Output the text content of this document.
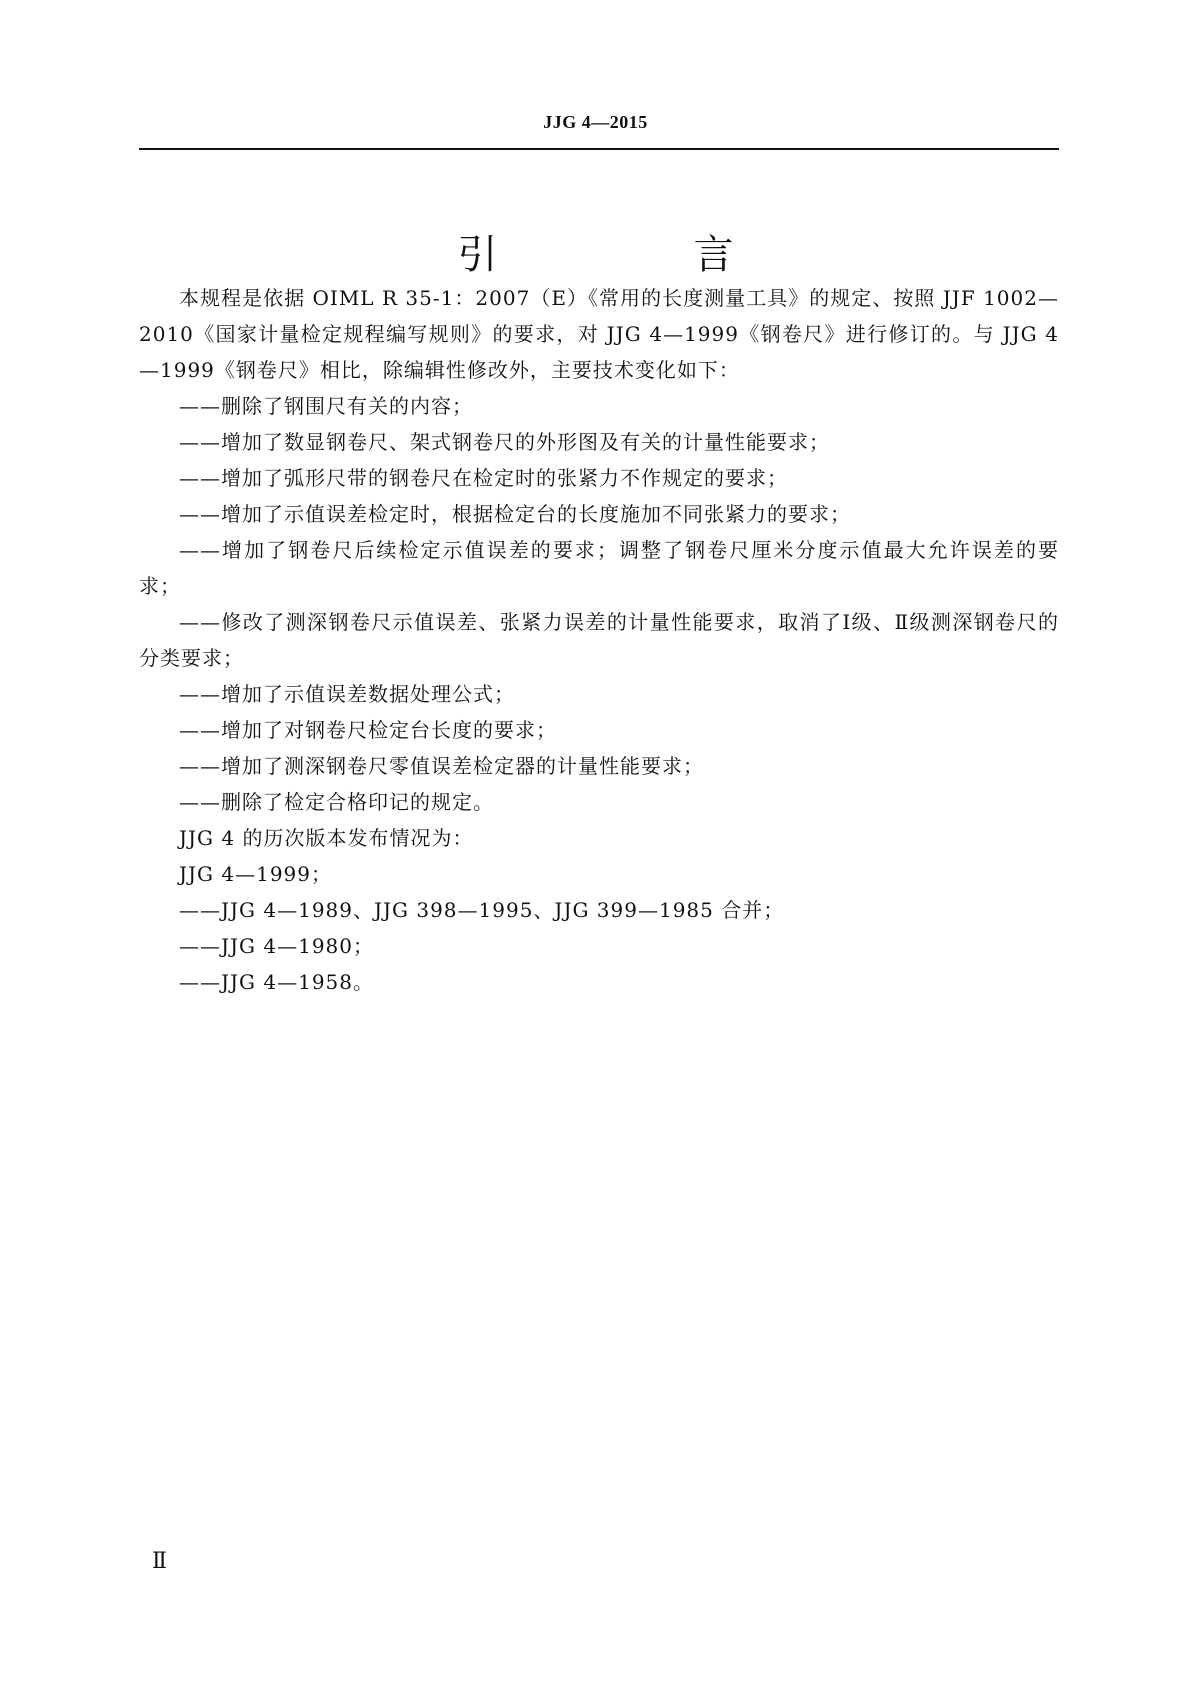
JJG 4—2015
引　言

本规程是依据 OIML R 35-1：2007（E）《常用的长度测量工具》的规定、按照 JJF 1002—2010《国家计量检定规程编写规则》的要求，对 JJG 4—1999《钢卷尺》进行修订的。与 JJG 4—1999《钢卷尺》相比，除编辑性修改外，主要技术变化如下：

——删除了钢围尺有关的内容；

——增加了数显钢卷尺、架式钢卷尺的外形图及有关的计量性能要求；

——增加了弧形尺带的钢卷尺在检定时的张紧力不作规定的要求；

——增加了示值误差检定时，根据检定台的长度施加不同张紧力的要求；

——增加了钢卷尺后续检定示值误差的要求；调整了钢卷尺厘米分度示值最大允许误差的要求；

——修改了测深钢卷尺示值误差、张紧力误差的计量性能要求，取消了Ⅰ级、Ⅱ级测深钢卷尺的分类要求；

——增加了示值误差数据处理公式；

——增加了对钢卷尺检定台长度的要求；

——增加了测深钢卷尺零值误差检定器的计量性能要求；

——删除了检定合格印记的规定。

JJG 4 的历次版本发布情况为：

JJG 4—1999；

——JJG 4—1989、JJG 398—1995、JJG 399—1985 合并；

——JJG 4—1980；

——JJG 4—1958。

Ⅱ
